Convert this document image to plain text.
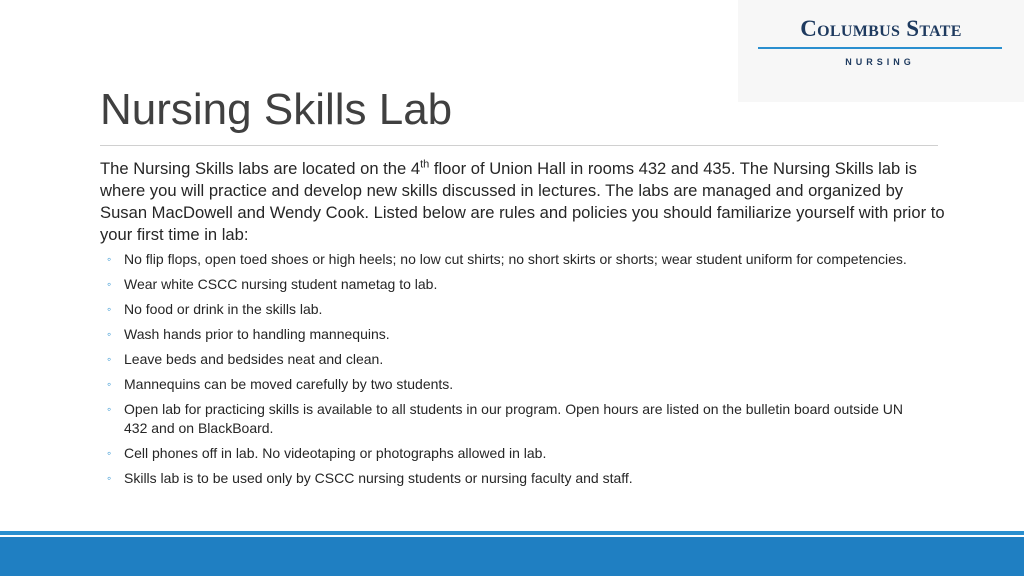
Columbus State
NURSING
Nursing Skills Lab

The Nursing Skills labs are located on the 4th floor of Union Hall in rooms 432 and 435. The Nursing Skills lab is where you will practice and develop new skills discussed in lectures. The labs are managed and organized by Susan MacDowell and Wendy Cook. Listed below are rules and policies you should familiarize yourself with prior to your first time in lab:

◦ No flip flops, open toed shoes or high heels; no low cut shirts; no short skirts or shorts; wear student uniform for competencies.
◦ Wear white CSCC nursing student nametag to lab.
◦ No food or drink in the skills lab.
◦ Wash hands prior to handling mannequins.
◦ Leave beds and bedsides neat and clean.
◦ Mannequins can be moved carefully by two students.
◦ Open lab for practicing skills is available to all students in our program. Open hours are listed on the bulletin board outside UN 432 and on BlackBoard.
◦ Cell phones off in lab. No videotaping or photographs allowed in lab.
◦ Skills lab is to be used only by CSCC nursing students or nursing faculty and staff.
